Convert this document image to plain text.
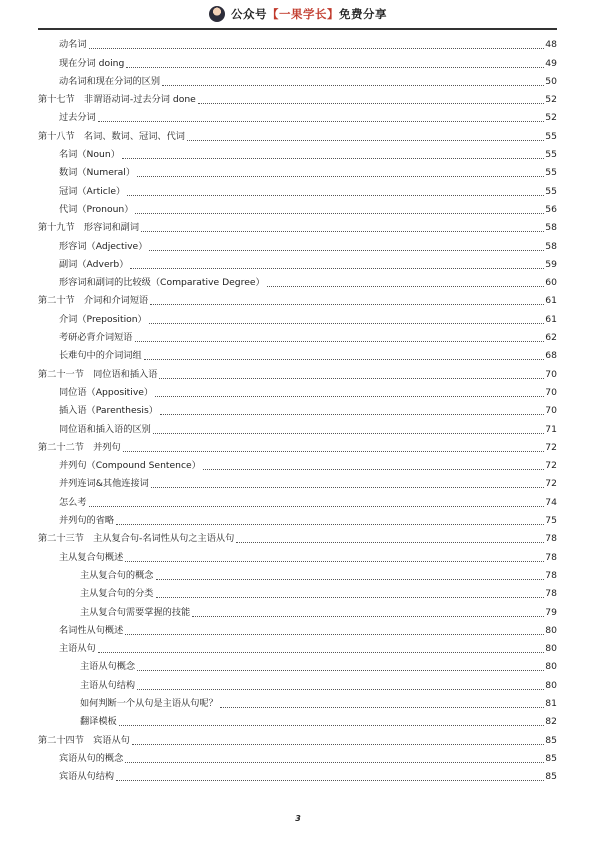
公众号【一果学长】免费分享
动名词	48
现在分词 doing	49
动名词和现在分词的区别	50
第十七节　非谓语动词-过去分词 done	52
过去分词	52
第十八节　名词、数词、冠词、代词	55
名词（Noun）	55
数词（Numeral）	55
冠词（Article）	55
代词（Pronoun）	56
第十九节　形容词和副词	58
形容词（Adjective）	58
副词（Adverb）	59
形容词和副词的比较级（Comparative Degree）	60
第二十节　介词和介词短语	61
介词（Preposition）	61
考研必背介词短语	62
长难句中的介词词组	68
第二十一节　同位语和插入语	70
同位语（Appositive）	70
插入语（Parenthesis）	70
同位语和插入语的区别	71
第二十二节　并列句	72
并列句（Compound Sentence）	72
并列连词&其他连接词	72
怎么考	74
并列句的省略	75
第二十三节　主从复合句-名词性从句之主语从句	78
主从复合句概述	78
主从复合句的概念	78
主从复合句的分类	78
主从复合句需要掌握的技能	79
名词性从句概述	80
主语从句	80
主语从句概念	80
主语从句结构	80
如何判断一个从句是主语从句呢？	81
翻译模板	82
第二十四节　宾语从句	85
宾语从句的概念	85
宾语从句结构	85
3
